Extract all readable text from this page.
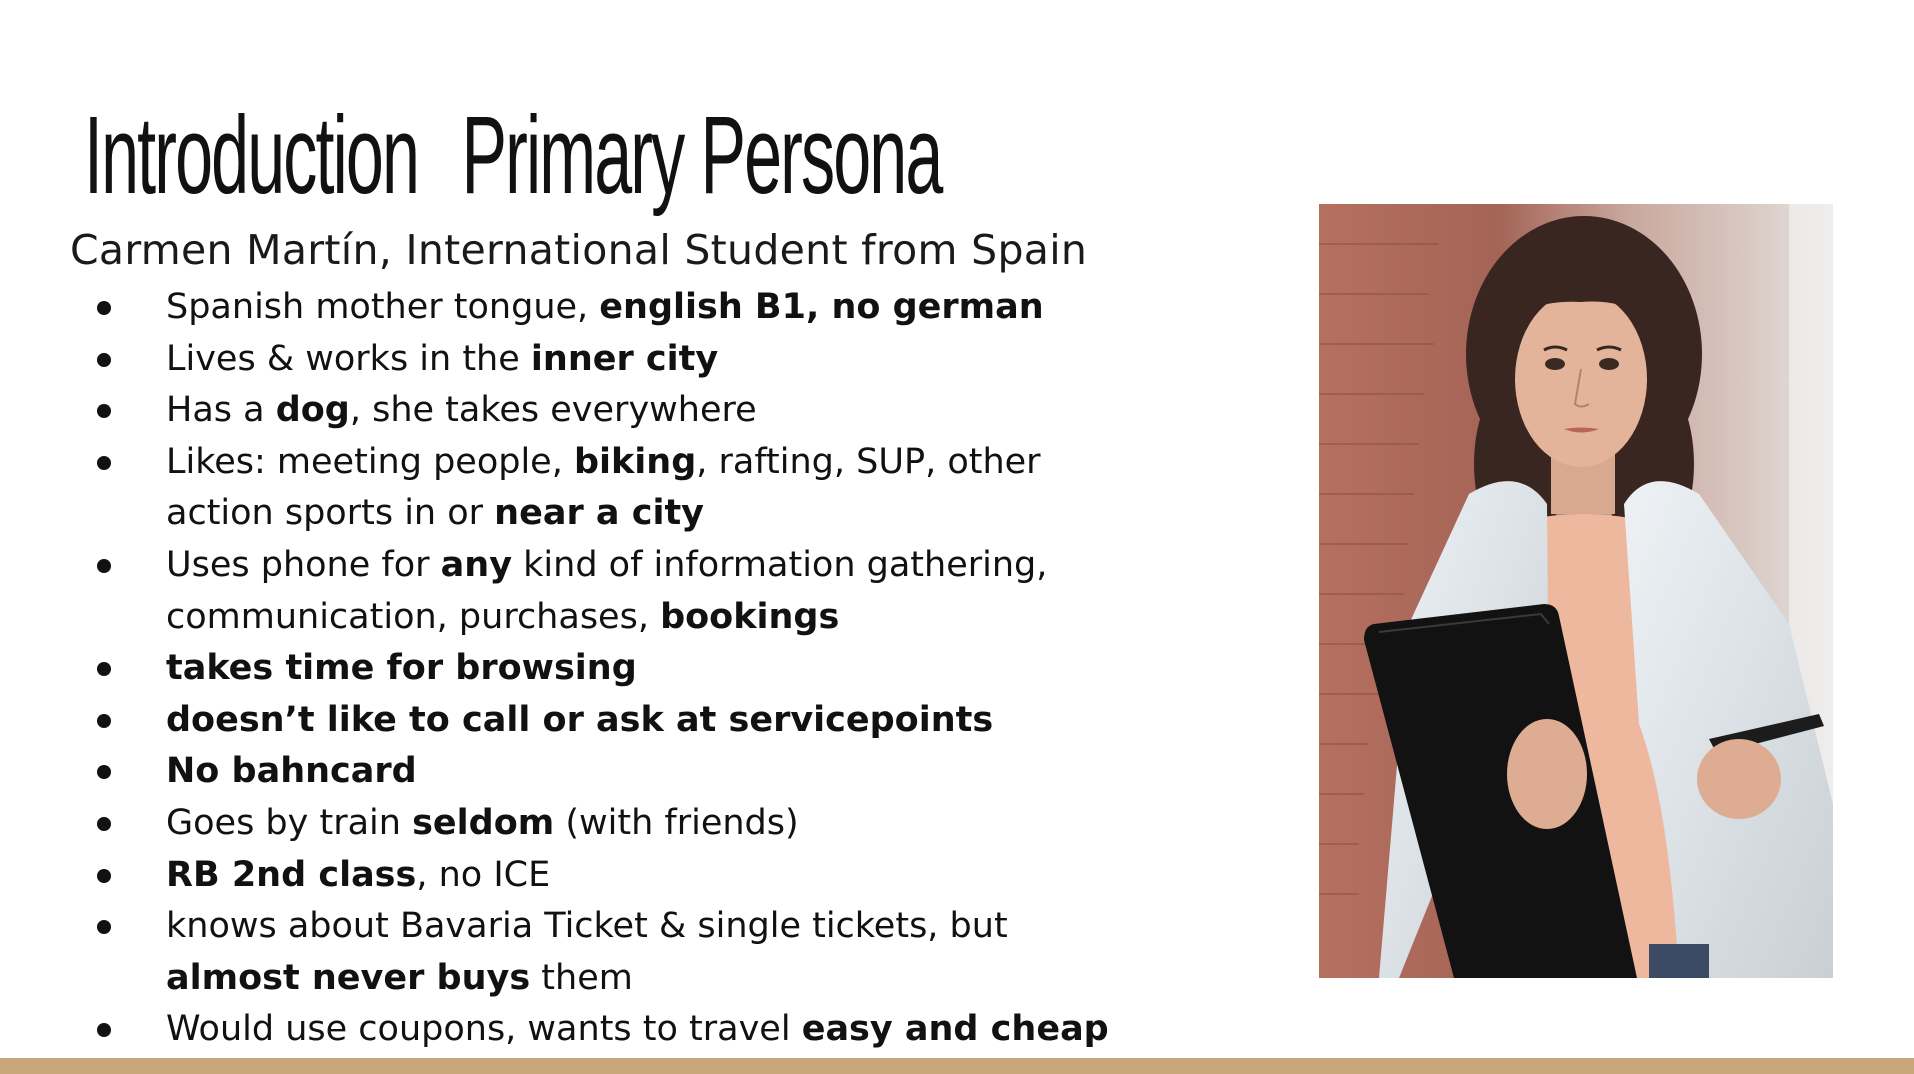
Introduction Primary Persona
Carmen Martín, International Student from Spain
Spanish mother tongue, english B1, no german
Lives & works in the inner city
Has a dog, she takes everywhere
Likes: meeting people, biking, rafting, SUP, other
action sports in or near a city
Uses phone for any kind of information gathering,
communication, purchases, bookings
takes time for browsing
doesn’t like to call or ask at servicepoints
No bahncard
Goes by train seldom (with friends)
RB 2nd class, no ICE
knows about Bavaria Ticket & single tickets, but
almost never buys them
Would use coupons, wants to travel easy and cheap
